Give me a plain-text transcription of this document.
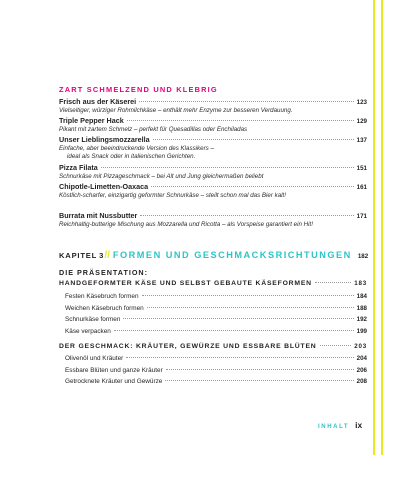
ZART SCHMELZEND UND KLEBRIG
Frisch aus der Käserei	123
Vielseitiger, würziger Rohmilchkäse – enthält mehr Enzyme zur besseren Verdauung.
Triple Pepper Hack	129
Pikant mit zartem Schmelz – perfekt für Quesadillas oder Enchiladas
Unser Lieblingsmozzarella	137
Einfache, aber beeindruckende Version des Klassikers –
ideal als Snack oder in italienischen Gerichten.
Pizza Filata	151
Schnurkäse mit Pizzageschmack – bei Alt und Jung gleichermaßen beliebt
Chipotle-Limetten-Oaxaca	161
Köstlich-scharfer, einzigartig geformter Schnurkäse – steilt schon mal das Bier kalt!
Burrata mit Nussbutter	171
Reichhaltig-butterige Mischung aus Mozzarella und Ricotta – als Vorspeise garantiert ein Hit!
KAPITEL 3 // FORMEN UND GESCHMACKSRICHTUNGEN 182
DIE PRÄSENTATION:
HANDGEFORMTER KÄSE UND SELBST GEBAUTE KÄSEFORMEN	183
Festen Käsebruch formen	184
Weichen Käsebruch formen	188
Schnurkäse formen	192
Käse verpacken	199
DER GESCHMACK: KRÄUTER, GEWÜRZE UND ESSBARE BLÜTEN	203
Olivenöl und Kräuter	204
Essbare Blüten und ganze Kräuter	206
Getrocknete Kräuter und Gewürze	208
INHALT ix
